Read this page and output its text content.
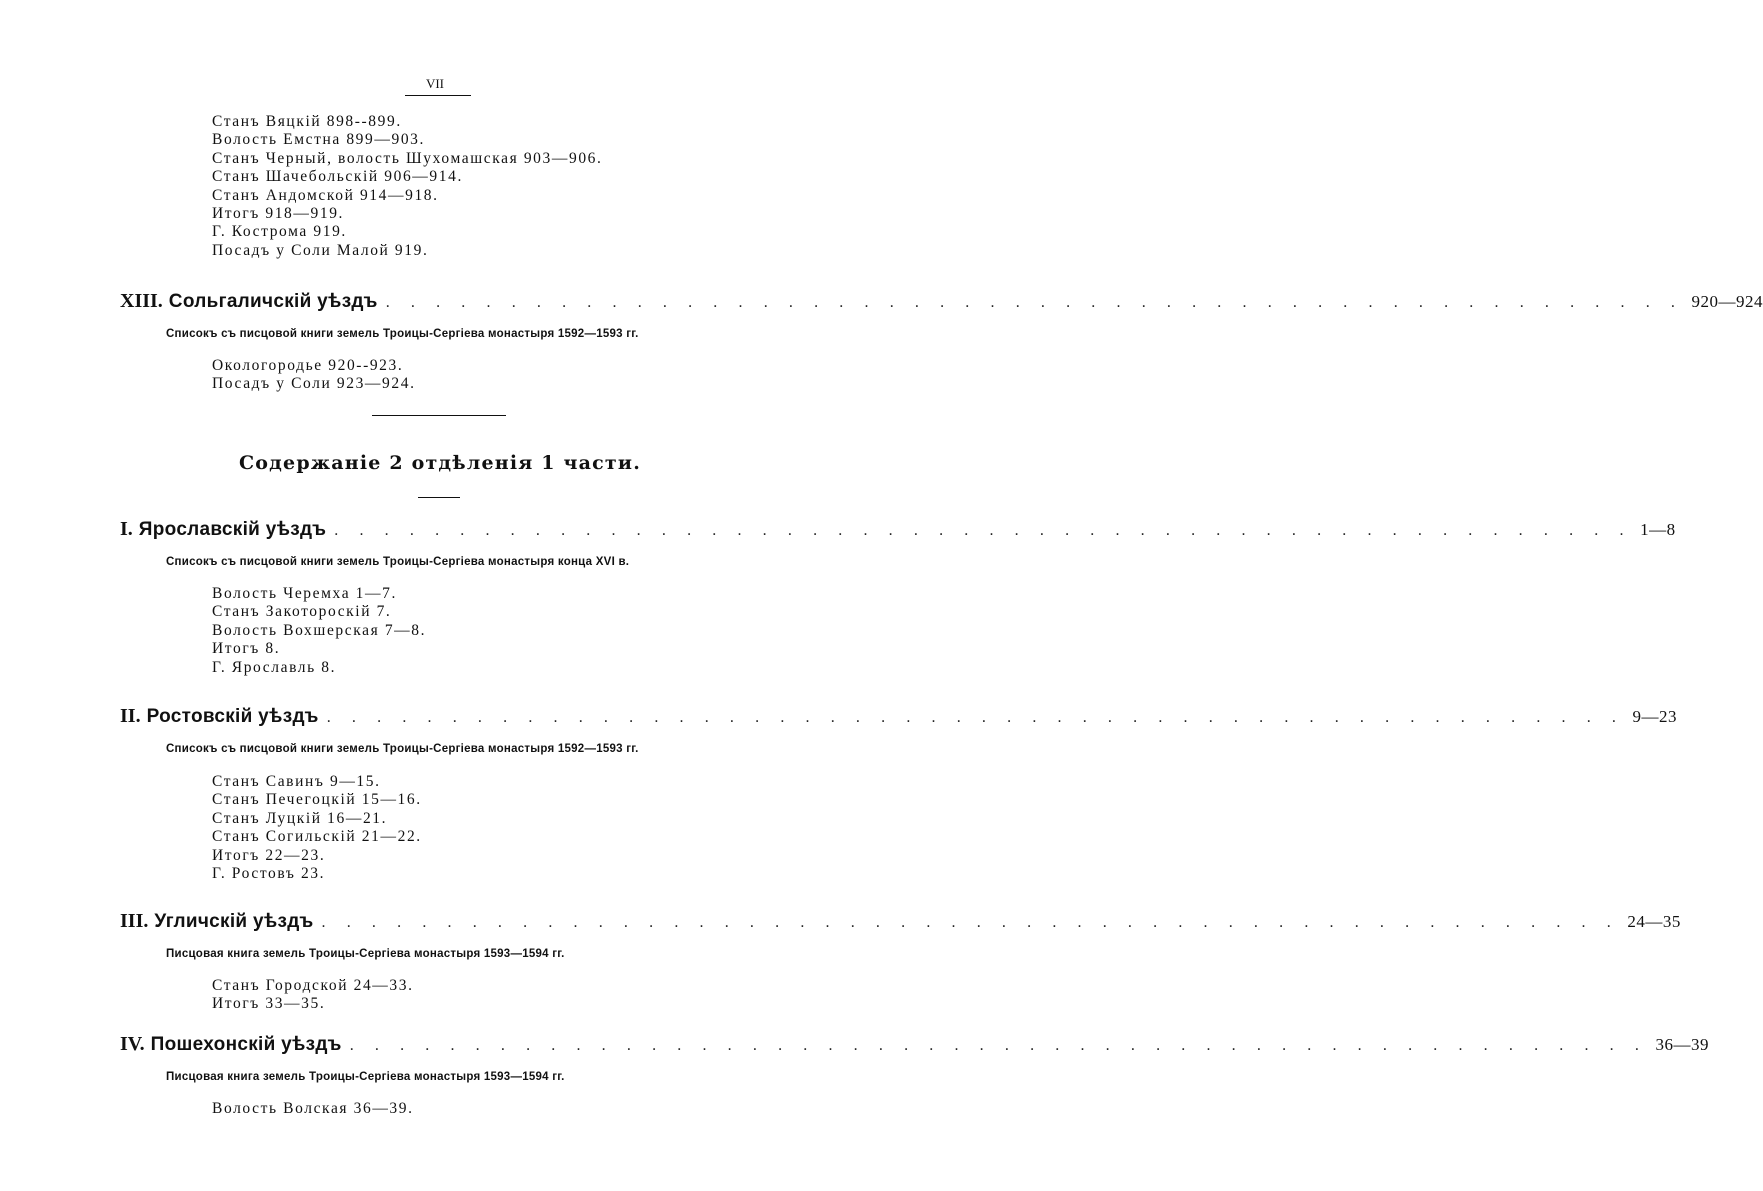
VII
Станъ Вяцкій 898--899.
Волость Емстна 899—903.
Станъ Черный, волость Шухомашская 903—906.
Станъ Шачебольскій 906—914.
Станъ Андомской 914—918.
Итогъ 918—919.
Г. Кострома 919.
Посадъ у Соли Малой 919.
XIII. Сольгаличскій уѣздъ . . . . . . . . . . . . . . . . . . . . . . . . . . . . . . . . . . . . . . . . . . . . . . . . . . . . 920—924
Списокъ съ писцовой книги земель Троицы-Сергіева монастыря 1592—1593 гг.
Окологородье 920--923.
Посадъ у Соли 923—924.
Содержаніе 2 отдѣленія 1 части.
I. Ярославскій уѣздъ . . . . . . . . . . . . . . . . . . . . . . . . . . . . . . . . . . . . . . . . . . . . . . . . . . . . 1—8
Списокъ съ писцовой книги земель Троицы-Сергіева монастыря конца XVI в.
Волость Черемха 1—7.
Станъ Закотороскій 7.
Волость Вохшерская 7—8.
Итогъ 8.
Г. Ярославль 8.
II. Ростовскій уѣздъ . . . . . . . . . . . . . . . . . . . . . . . . . . . . . . . . . . . . . . . . . . . . . . . . . . . . 9—23
Списокъ съ писцовой книги земель Троицы-Сергіева монастыря 1592—1593 гг.
Станъ Савинъ 9—15.
Станъ Печегоцкій 15—16.
Станъ Луцкій 16—21.
Станъ Согильскій 21—22.
Итогъ 22—23.
Г. Ростовъ 23.
III. Угличскій уѣздъ . . . . . . . . . . . . . . . . . . . . . . . . . . . . . . . . . . . . . . . . . . . . . . . . . . . . 24—35
Писцовая книга земель Троицы-Сергіева монастыря 1593—1594 гг.
Станъ Городской 24—33.
Итогъ 33—35.
IV. Пошехонскій уѣздъ . . . . . . . . . . . . . . . . . . . . . . . . . . . . . . . . . . . . . . . . . . . . . . . . . . . . 36—39
Писцовая книга земель Троицы-Сергіева монастыря 1593—1594 гг.
Волость Волская 36—39.
